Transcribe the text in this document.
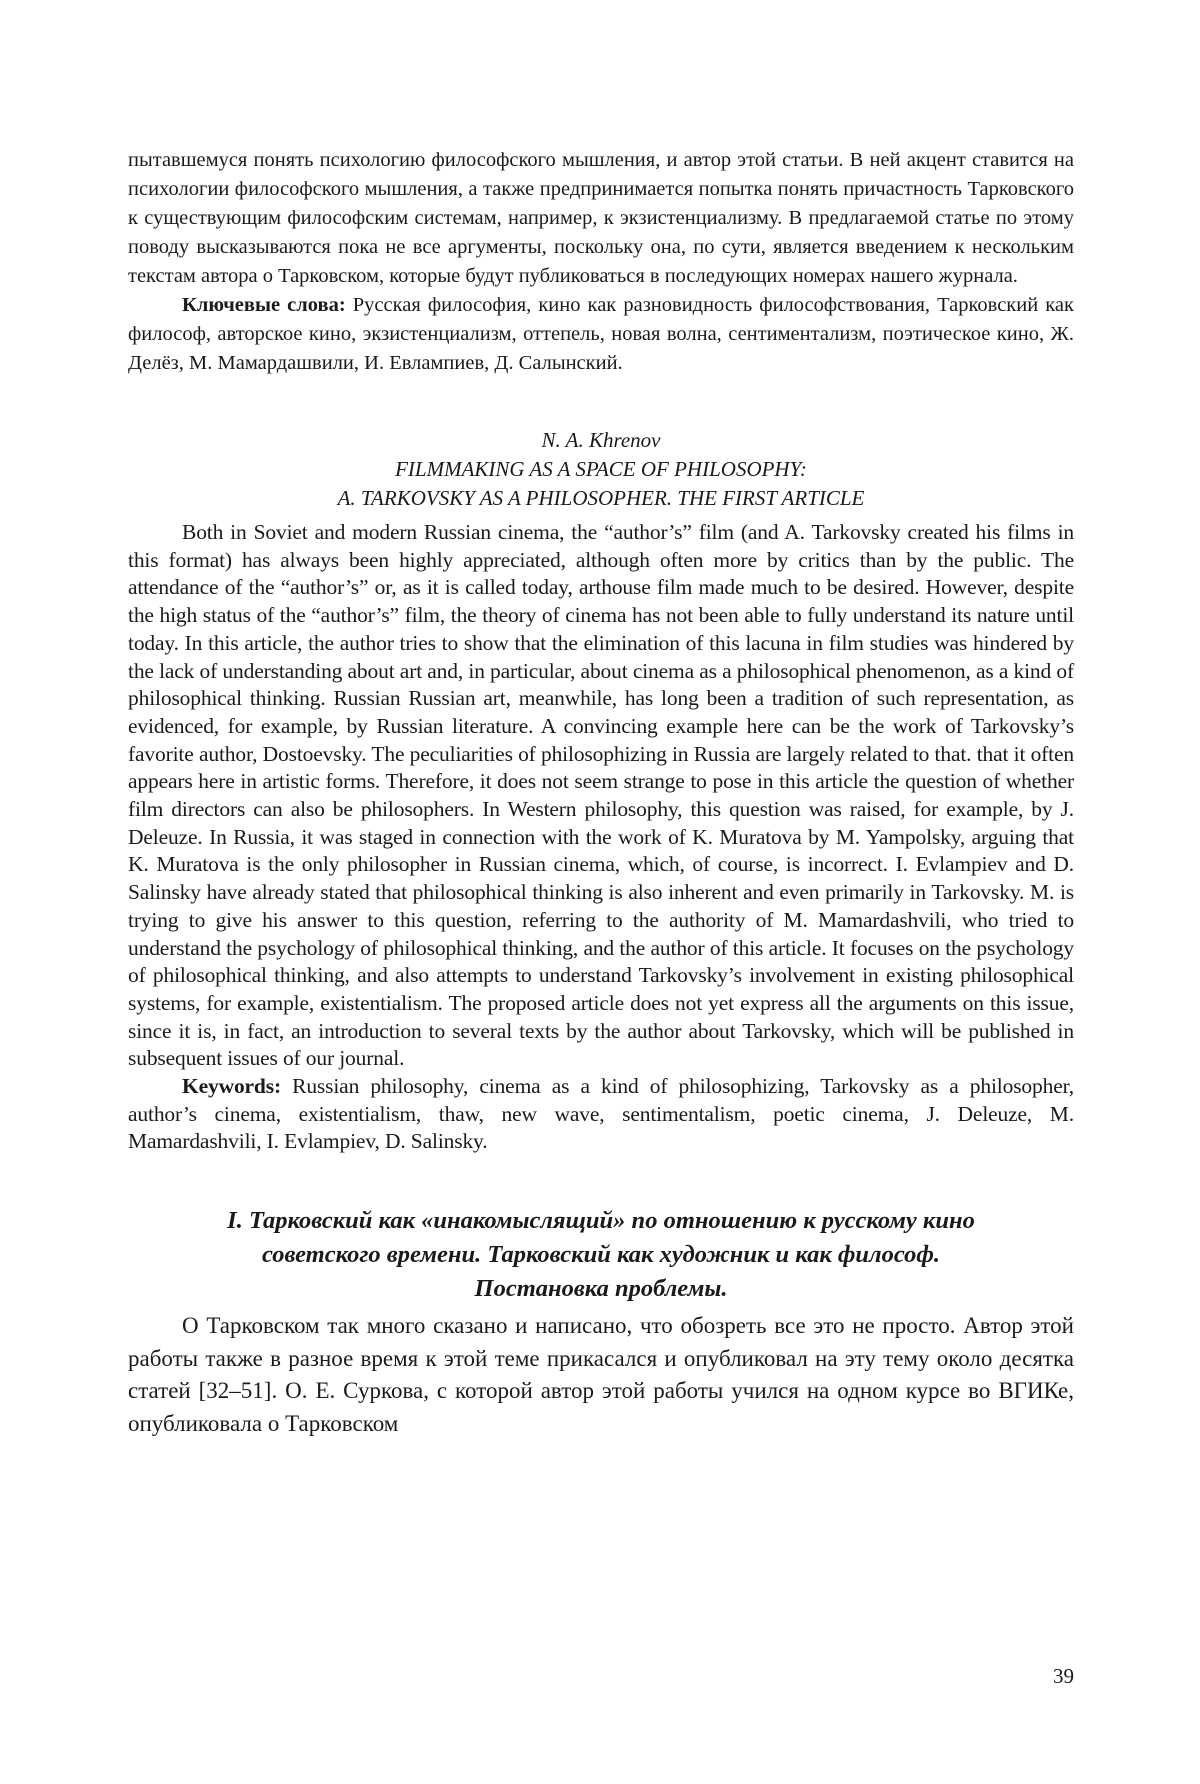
пытавшемуся понять психологию философского мышления, и автор этой статьи. В ней акцент ставится на психологии философского мышления, а также предпринимается попытка понять причастность Тарковского к существующим философским системам, например, к экзистенциализму. В предлагаемой статье по этому поводу высказываются пока не все аргументы, поскольку она, по сути, является введением к нескольким текстам автора о Тарковском, которые будут публиковаться в последующих номерах нашего журнала.

Ключевые слова: Русская философия, кино как разновидность философствования, Тарковский как философ, авторское кино, экзистенциализм, оттепель, новая волна, сентиментализм, поэтическое кино, Ж. Делёз, М. Мамардашвили, И. Евлампиев, Д. Салынский.

N. A. Khrenov
FILMMAKING AS A SPACE OF PHILOSOPHY:
A. TARKOVSKY AS A PHILOSOPHER. THE FIRST ARTICLE

Both in Soviet and modern Russian cinema, the “author’s” film (and A. Tarkovsky created his films in this format) has always been highly appreciated, although often more by critics than by the public. The attendance of the “author’s” or, as it is called today, arthouse film made much to be desired. However, despite the high status of the “author’s” film, the theory of cinema has not been able to fully understand its nature until today. In this article, the author tries to show that the elimination of this lacuna in film studies was hindered by the lack of understanding about art and, in particular, about cinema as a philosophical phenomenon, as a kind of philosophical thinking. Russian Russian art, meanwhile, has long been a tradition of such representation, as evidenced, for example, by Russian literature. A convincing example here can be the work of Tarkovsky’s favorite author, Dostoevsky. The peculiarities of philosophizing in Russia are largely related to that. that it often appears here in artistic forms. Therefore, it does not seem strange to pose in this article the question of whether film directors can also be philosophers. In Western philosophy, this question was raised, for example, by J. Deleuze. In Russia, it was staged in connection with the work of K. Muratova by M. Yampolsky, arguing that K. Muratova is the only philosopher in Russian cinema, which, of course, is incorrect. I. Evlampiev and D. Salinsky have already stated that philosophical thinking is also inherent and even primarily in Tarkovsky. M. is trying to give his answer to this question, referring to the authority of M. Mamardashvili, who tried to understand the psychology of philosophical thinking, and the author of this article. It focuses on the psychology of philosophical thinking, and also attempts to understand Tarkovsky’s involvement in existing philosophical systems, for example, existentialism. The proposed article does not yet express all the arguments on this issue, since it is, in fact, an introduction to several texts by the author about Tarkovsky, which will be published in subsequent issues of our journal.

Keywords: Russian philosophy, cinema as a kind of philosophizing, Tarkovsky as a philosopher, author’s cinema, existentialism, thaw, new wave, sentimentalism, poetic cinema, J. Deleuze, M. Mamardashvili, I. Evlampiev, D. Salinsky.

I. Тарковский как «инакомыслящий» по отношению к русскому кино
советского времени. Тарковский как художник и как философ.
Постановка проблемы.

О Тарковском так много сказано и написано, что обозреть все это не просто. Автор этой работы также в разное время к этой теме прикасался и опубликовал на эту тему около десятка статей [32–51]. О. Е. Суркова, с которой автор этой работы учился на одном курсе во ВГИКе, опубликовала о Тарковском

39
